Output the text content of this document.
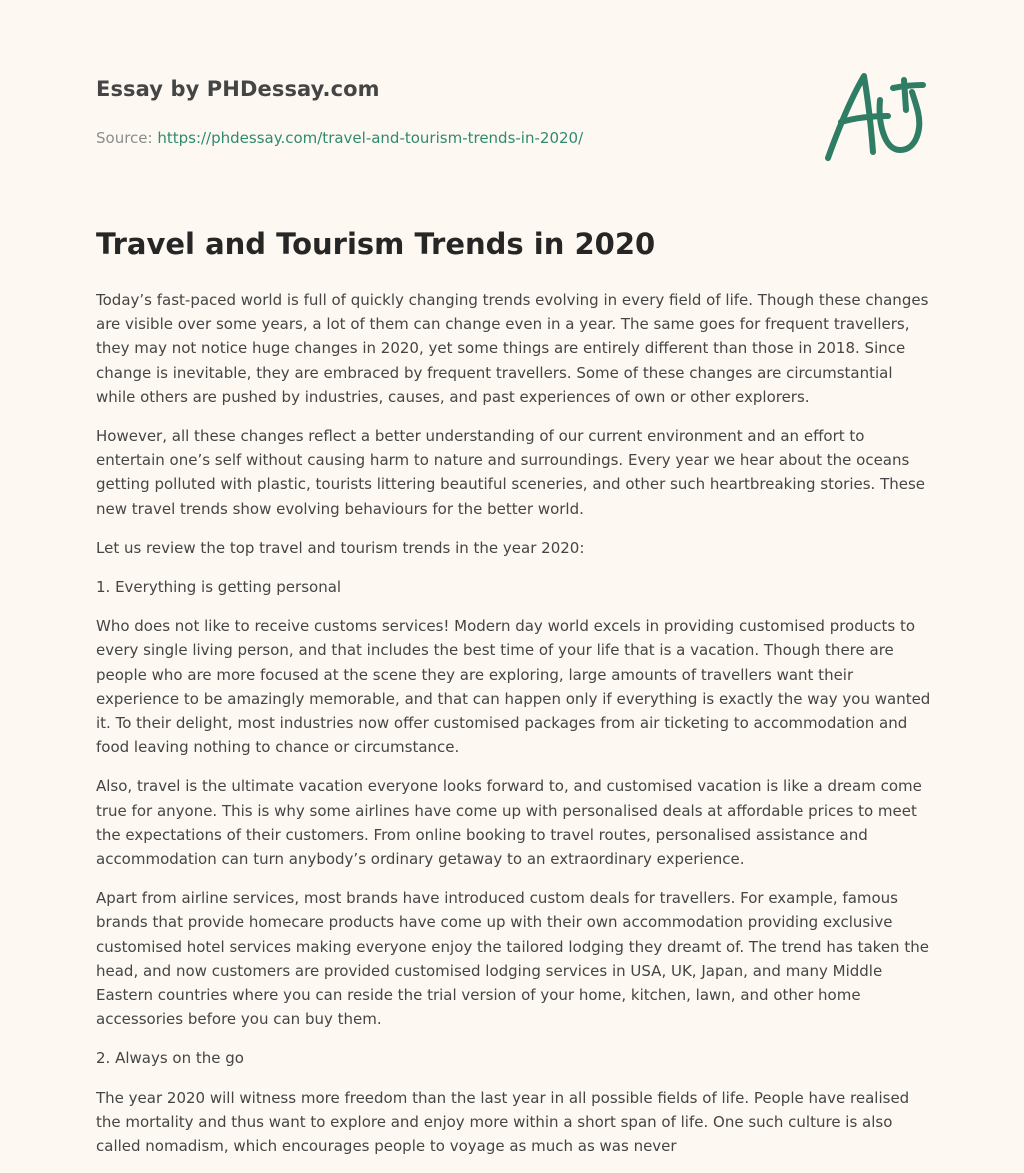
Essay by PHDessay.com
Source: https://phdessay.com/travel-and-tourism-trends-in-2020/
Travel and Tourism Trends in 2020

Today’s fast-paced world is full of quickly changing trends evolving in every field of life. Though these changes are visible over some years, a lot of them can change even in a year. The same goes for frequent travellers, they may not notice huge changes in 2020, yet some things are entirely different than those in 2018. Since change is inevitable, they are embraced by frequent travellers. Some of these changes are circumstantial while others are pushed by industries, causes, and past experiences of own or other explorers.

However, all these changes reflect a better understanding of our current environment and an effort to entertain one’s self without causing harm to nature and surroundings. Every year we hear about the oceans getting polluted with plastic, tourists littering beautiful sceneries, and other such heartbreaking stories. These new travel trends show evolving behaviours for the better world.

Let us review the top travel and tourism trends in the year 2020:

1. Everything is getting personal

Who does not like to receive customs services! Modern day world excels in providing customised products to every single living person, and that includes the best time of your life that is a vacation. Though there are people who are more focused at the scene they are exploring, large amounts of travellers want their experience to be amazingly memorable, and that can happen only if everything is exactly the way you wanted it. To their delight, most industries now offer customised packages from air ticketing to accommodation and food leaving nothing to chance or circumstance.

Also, travel is the ultimate vacation everyone looks forward to, and customised vacation is like a dream come true for anyone. This is why some airlines have come up with personalised deals at affordable prices to meet the expectations of their customers. From online booking to travel routes, personalised assistance and accommodation can turn anybody’s ordinary getaway to an extraordinary experience.

Apart from airline services, most brands have introduced custom deals for travellers. For example, famous brands that provide homecare products have come up with their own accommodation providing exclusive customised hotel services making everyone enjoy the tailored lodging they dreamt of. The trend has taken the head, and now customers are provided customised lodging services in USA, UK, Japan, and many Middle Eastern countries where you can reside the trial version of your home, kitchen, lawn, and other home accessories before you can buy them.

2. Always on the go

The year 2020 will witness more freedom than the last year in all possible fields of life. People have realised the mortality and thus want to explore and enjoy more within a short span of life. One such culture is also called nomadism, which encourages people to voyage as much as was never
